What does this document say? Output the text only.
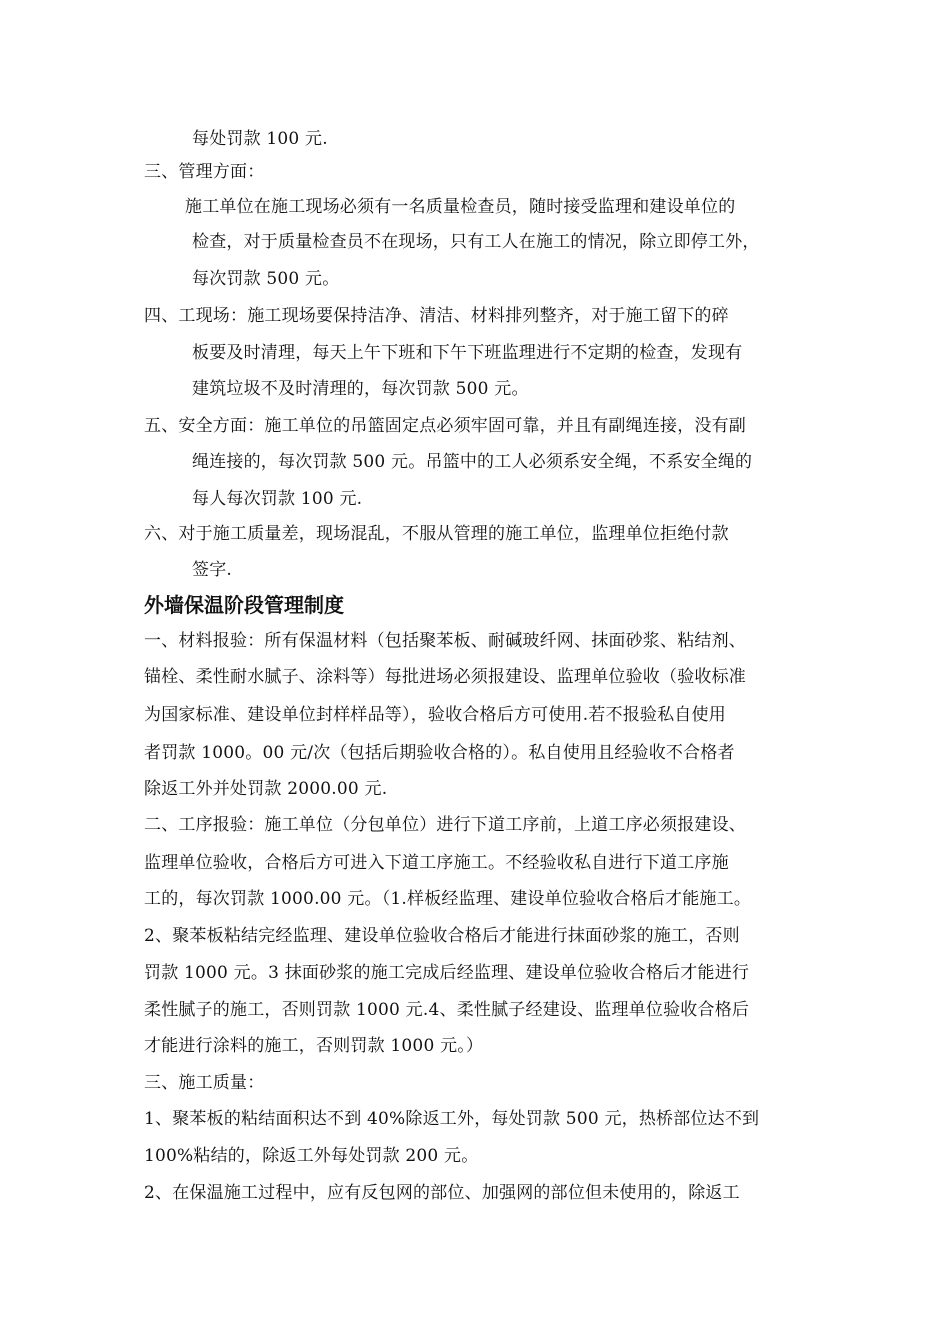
每处罚款 100 元.
三、管理方面：
施工单位在施工现场必须有一名质量检查员，随时接受监理和建设单位的
检查，对于质量检查员不在现场，只有工人在施工的情况，除立即停工外，
每次罚款 500 元。
四、工现场：施工现场要保持洁净、清洁、材料排列整齐，对于施工留下的碎
板要及时清理，每天上午下班和下午下班监理进行不定期的检查，发现有
建筑垃圾不及时清理的，每次罚款 500 元。
五、安全方面：施工单位的吊篮固定点必须牢固可靠，并且有副绳连接，没有副
绳连接的，每次罚款 500 元。吊篮中的工人必须系安全绳，不系安全绳的
每人每次罚款 100 元.
六、对于施工质量差，现场混乱，不服从管理的施工单位，监理单位拒绝付款
签字.
外墙保温阶段管理制度
一、材料报验：所有保温材料（包括聚苯板、耐碱玻纤网、抹面砂浆、粘结剂、
锚栓、柔性耐水腻子、涂料等）每批进场必须报建设、监理单位验收（验收标准
为国家标准、建设单位封样样品等），验收合格后方可使用.若不报验私自使用
者罚款 1000。00 元/次（包括后期验收合格的）。私自使用且经验收不合格者
除返工外并处罚款 2000.00 元.
二、工序报验：施工单位（分包单位）进行下道工序前，上道工序必须报建设、
监理单位验收，合格后方可进入下道工序施工。不经验收私自进行下道工序施
工的，每次罚款 1000.00 元。（1.样板经监理、建设单位验收合格后才能施工。
2、聚苯板粘结完经监理、建设单位验收合格后才能进行抹面砂浆的施工，否则
罚款 1000 元。3 抹面砂浆的施工完成后经监理、建设单位验收合格后才能进行
柔性腻子的施工，否则罚款 1000 元.4、柔性腻子经建设、监理单位验收合格后
才能进行涂料的施工，否则罚款 1000 元。）
三、施工质量：
1、聚苯板的粘结面积达不到 40%除返工外，每处罚款 500 元，热桥部位达不到
100%粘结的，除返工外每处罚款 200 元。
2、在保温施工过程中，应有反包网的部位、加强网的部位但未使用的，除返工
